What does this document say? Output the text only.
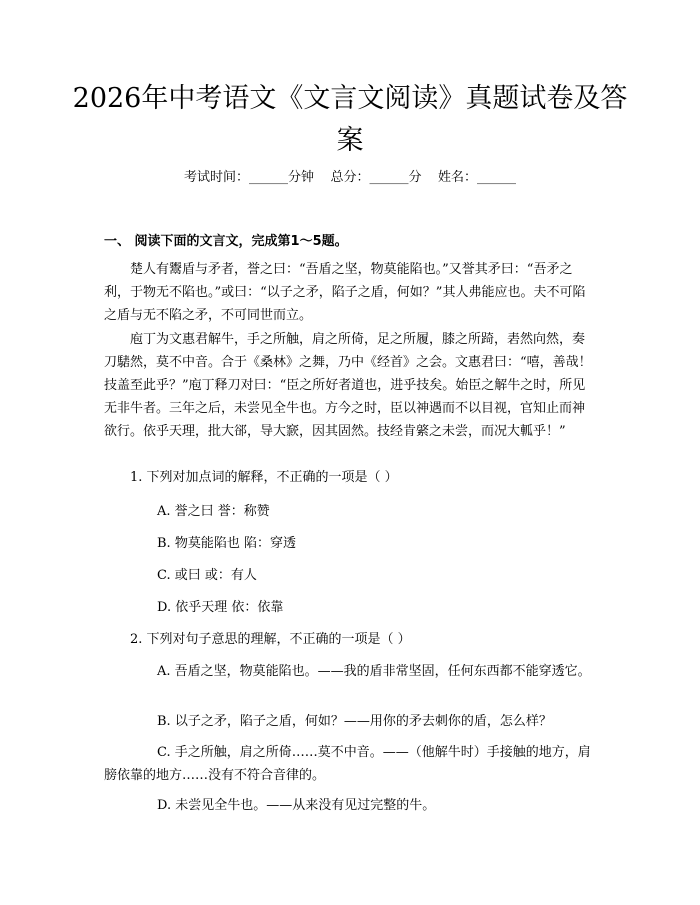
2026年中考语文《文言文阅读》真题试卷及答案
考试时间：______分钟    总分：______分    姓名：______
一、 阅读下面的文言文，完成第1～5题。

楚人有鬻盾与矛者，誉之曰：“吾盾之坚，物莫能陷也。”又誉其矛曰：“吾矛之利，于物无不陷也。”或曰：“以子之矛，陷子之盾，何如？”其人弗能应也。夫不可陷之盾与无不陷之矛，不可同世而立。

庖丁为文惠君解牛，手之所触，肩之所倚，足之所履，膝之所踦，砉然向然，奏刀騞然，莫不中音。合于《桑林》之舞，乃中《经首》之会。文惠君曰：“嘻，善哉！技盖至此乎？”庖丁释刀对曰：“臣之所好者道也，进乎技矣。始臣之解牛之时，所见无非牛者。三年之后，未尝见全牛也。方今之时，臣以神遇而不以目视，官知止而神欲行。依乎天理，批大郤，导大窾，因其固然。技经肯綮之未尝，而况大軱乎！”

1. 下列对加点词的解释，不正确的一项是（ ）

A. 誉之曰 誉：称赞

B. 物莫能陷也 陷：穿透

C. 或曰 或：有人

D. 依乎天理 依：依靠

2. 下列对句子意思的理解，不正确的一项是（ ）

A. 吾盾之坚，物莫能陷也。——我的盾非常坚固，任何东西都不能穿透它。

B. 以子之矛，陷子之盾，何如？——用你的矛去刺你的盾，怎么样？

C. 手之所触，肩之所倚……莫不中音。——（他解牛时）手接触的地方，肩膀依靠的地方……没有不符合音律的。

D. 未尝见全牛也。——从来没有见过完整的牛。
